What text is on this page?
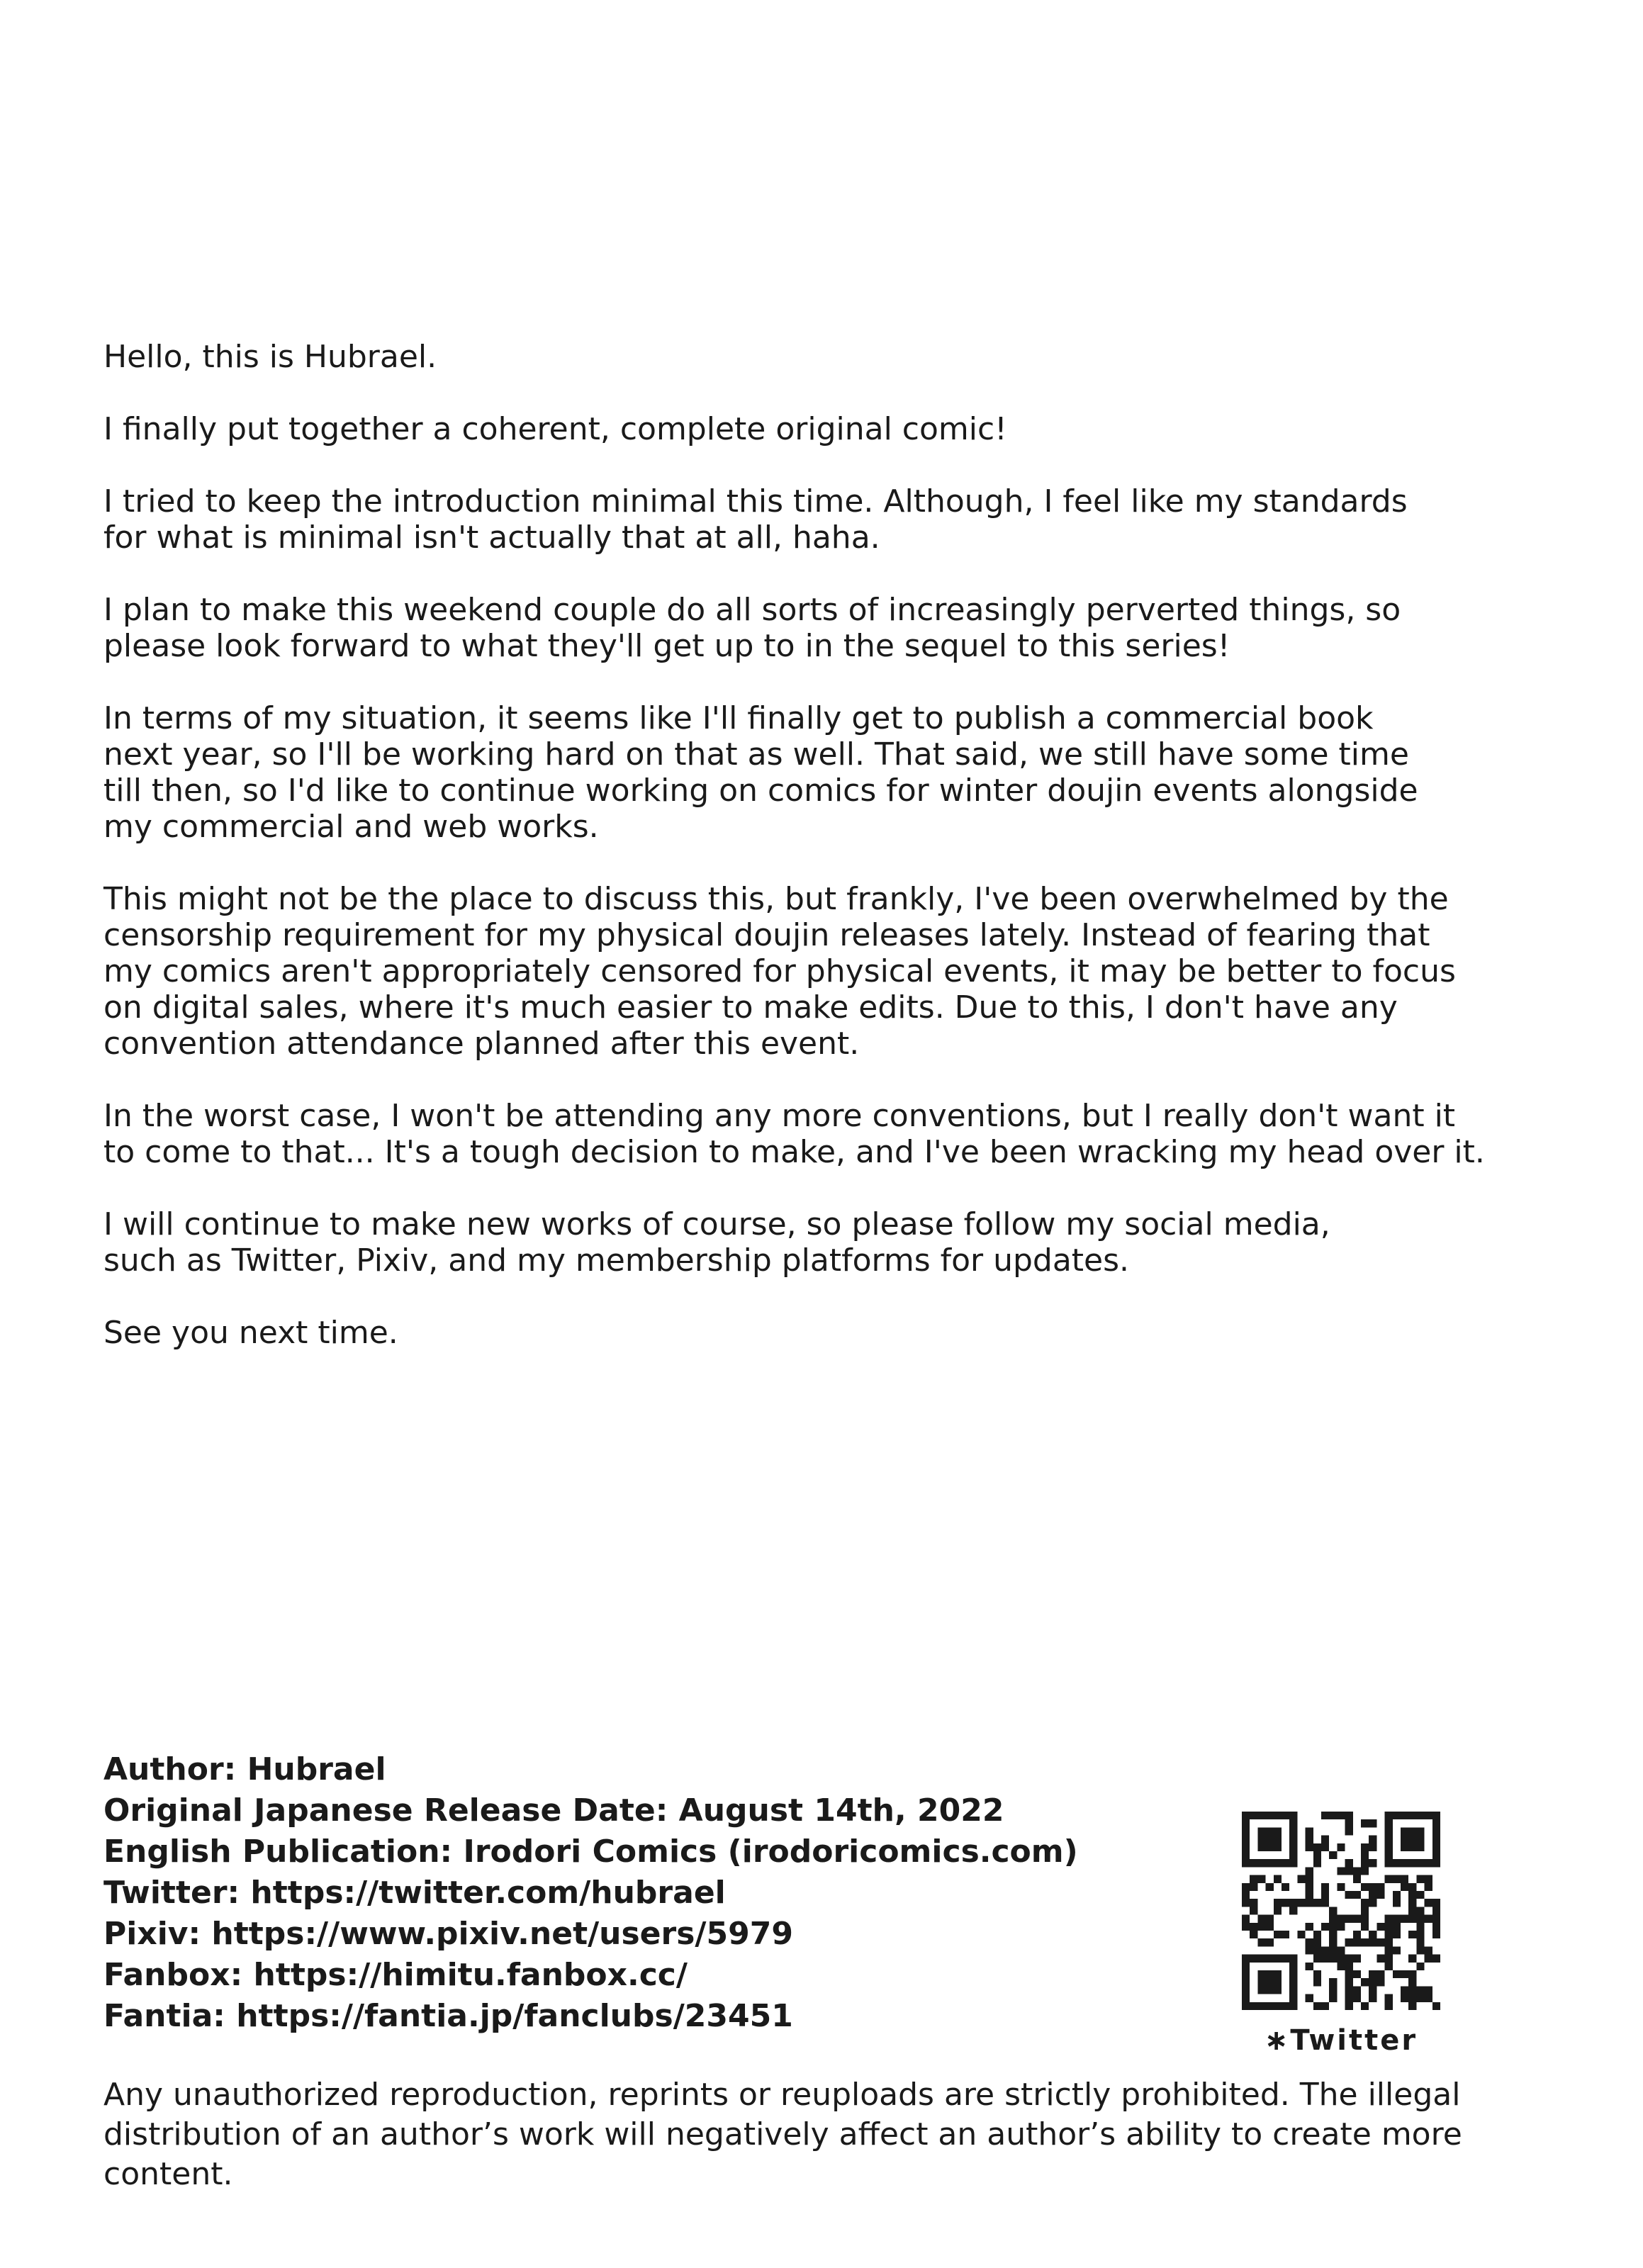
Hello, this is Hubrael.

I finally put together a coherent, complete original comic!

I tried to keep the introduction minimal this time. Although, I feel like my standards
for what is minimal isn't actually that at all, haha.

I plan to make this weekend couple do all sorts of increasingly perverted things, so
please look forward to what they'll get up to in the sequel to this series!

In terms of my situation, it seems like I'll finally get to publish a commercial book
next year, so I'll be working hard on that as well. That said, we still have some time
till then, so I'd like to continue working on comics for winter doujin events alongside
my commercial and web works.

This might not be the place to discuss this, but frankly, I've been overwhelmed by the
censorship requirement for my physical doujin releases lately. Instead of fearing that
my comics aren't appropriately censored for physical events, it may be better to focus
on digital sales, where it's much easier to make edits. Due to this, I don't have any
convention attendance planned after this event.

In the worst case, I won't be attending any more conventions, but I really don't want it
to come to that... It's a tough decision to make, and I've been wracking my head over it.

I will continue to make new works of course, so please follow my social media,
such as Twitter, Pixiv, and my membership platforms for updates.

See you next time.

Author: Hubrael
Original Japanese Release Date: August 14th, 2022
English Publication: Irodori Comics (irodoricomics.com)
Twitter: https://twitter.com/hubrael
Pixiv: https://www.pixiv.net/users/5979
Fanbox: https://himitu.fanbox.cc/
Fantia: https://fantia.jp/fanclubs/23451
∗Twitter
Any unauthorized reproduction, reprints or reuploads are strictly prohibited. The illegal
distribution of an author’s work will negatively affect an author’s ability to create more
content.
